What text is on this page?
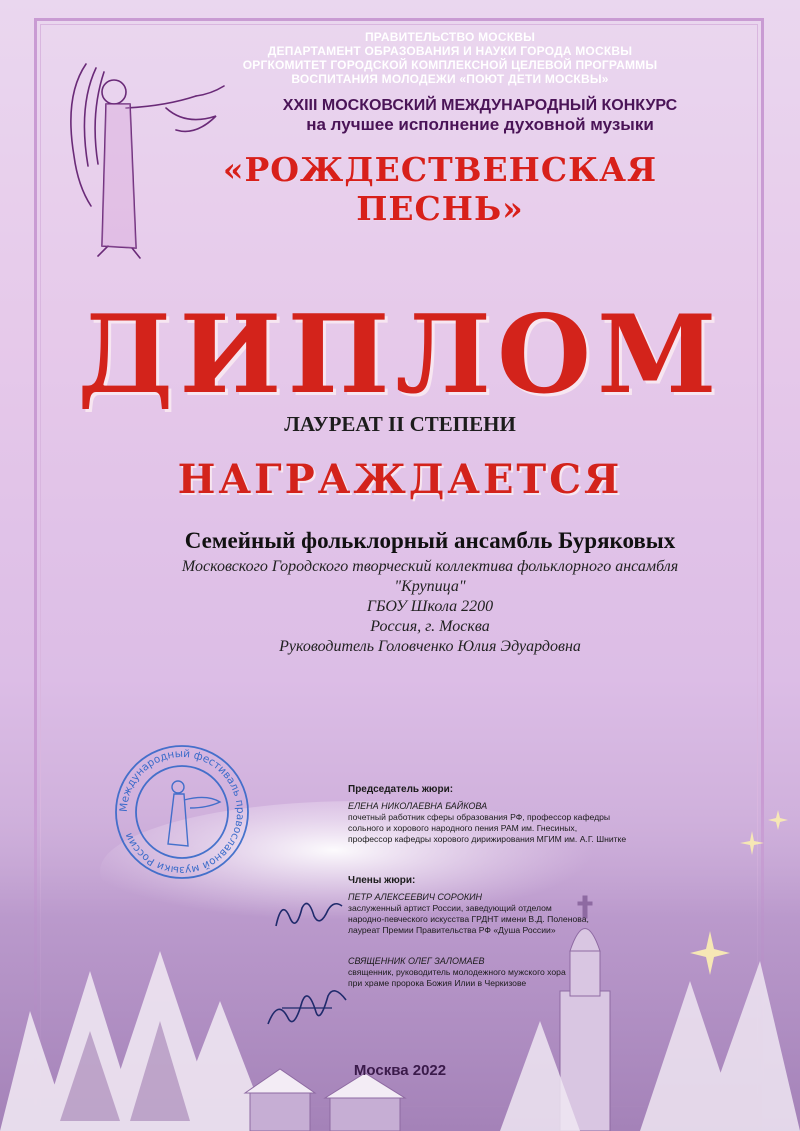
ПРАВИТЕЛЬСТВО МОСКВЫ
ДЕПАРТАМЕНТ ОБРАЗОВАНИЯ И НАУКИ ГОРОДА МОСКВЫ
ОРГКОМИТЕТ ГОРОДСКОЙ КОМПЛЕКСНОЙ ЦЕЛЕВОЙ ПРОГРАММЫ
ВОСПИТАНИЯ МОЛОДЕЖИ «ПОЮТ ДЕТИ МОСКВЫ»
XXIII МОСКОВСКИЙ МЕЖДУНАРОДНЫЙ КОНКУРС
на лучшее исполнение духовной музыки
«РОЖДЕСТВЕНСКАЯ ПЕСНЬ»
ДИПЛОМ
ЛАУРЕАТ II СТЕПЕНИ
НАГРАЖДАЕТСЯ
Семейный фольклорный ансамбль Буряковых
Московского Городского творческий коллектива фольклорного ансамбля
"Крупица"
ГБОУ Школа 2200
Россия, г. Москва
Руководитель Головченко Юлия Эдуардовна
Международный фестиваль православной музыки России
Председатель жюри:
ЕЛЕНА НИКОЛАЕВНА БАЙКОВА
почетный работник сферы образования РФ, профессор кафедры
сольного и хорового народного пения РАМ им. Гнесиных,
профессор кафедры хорового дирижирования МГИМ им. А.Г. Шнитке
Члены жюри:
ПЕТР АЛЕКСЕЕВИЧ СОРОКИН
заслуженный артист России, заведующий отделом
народно-певческого искусства ГРДНТ имени В.Д. Поленова,
лауреат Премии Правительства РФ «Душа России»
СВЯЩЕННИК ОЛЕГ ЗАЛОМАЕВ
священник, руководитель молодежного мужского хора
при храме пророка Божия Илии в Черкизове
Москва 2022
